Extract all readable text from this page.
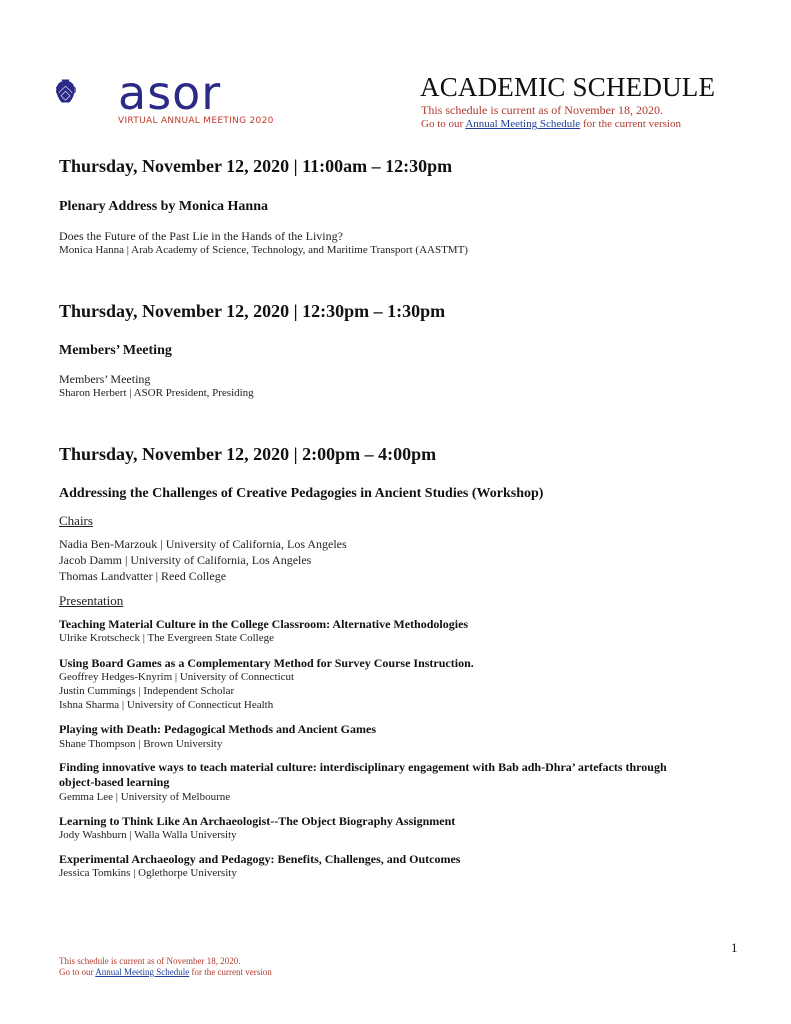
asor
VIRTUAL ANNUAL MEETING 2020
ACADEMIC SCHEDULE
This schedule is current as of November 18, 2020.
Go to our Annual Meeting Schedule for the current version
Thursday, November 12, 2020 | 11:00am – 12:30pm
Plenary Address by Monica Hanna
Does the Future of the Past Lie in the Hands of the Living?
Monica Hanna | Arab Academy of Science, Technology, and Maritime Transport (AASTMT)
Thursday, November 12, 2020 | 12:30pm – 1:30pm
Members’ Meeting
Members’ Meeting
Sharon Herbert | ASOR President, Presiding
Thursday, November 12, 2020 | 2:00pm – 4:00pm
Addressing the Challenges of Creative Pedagogies in Ancient Studies (Workshop)
Chairs
Nadia Ben-Marzouk | University of California, Los Angeles
Jacob Damm | University of California, Los Angeles
Thomas Landvatter | Reed College
Presentation
Teaching Material Culture in the College Classroom: Alternative Methodologies
Ulrike Krotscheck | The Evergreen State College
Using Board Games as a Complementary Method for Survey Course Instruction.
Geoffrey Hedges-Knyrim | University of Connecticut
Justin Cummings | Independent Scholar
Ishna Sharma | University of Connecticut Health
Playing with Death: Pedagogical Methods and Ancient Games
Shane Thompson | Brown University
Finding innovative ways to teach material culture: interdisciplinary engagement with Bab adh-Dhra’ artefacts through
object-based learning
Gemma Lee | University of Melbourne
Learning to Think Like An Archaeologist--The Object Biography Assignment
Jody Washburn | Walla Walla University
Experimental Archaeology and Pedagogy: Benefits, Challenges, and Outcomes
Jessica Tomkins | Oglethorpe University
1
This schedule is current as of November 18, 2020.
Go to our Annual Meeting Schedule for the current version
